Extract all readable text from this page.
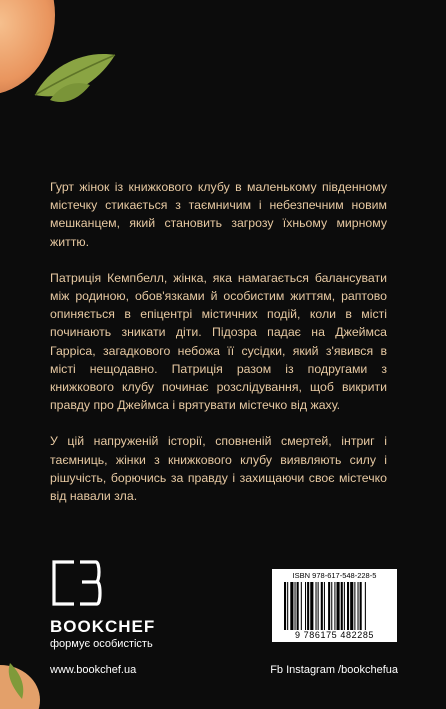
Гурт жінок із книжкового клубу в маленькому південному містечку стикається з таємничим і небезпечним новим мешканцем, який становить загрозу їхньому мирному життю.

Патриція Кемпбелл, жінка, яка намагається балансувати між родиною, обов'язками й особистим життям, раптово опиняється в епіцентрі містичних подій, коли в місті починають зникати діти. Підозра падає на Джеймса Гарріса, загадкового небожа її сусідки, який з'явився в місті нещодавно. Патриція разом із подругами з книжкового клубу починає розслідування, щоб викрити правду про Джеймса і врятувати містечко від жаху.

У цій напруженій історії, сповненій смертей, інтриг і таємниць, жінки з книжкового клубу виявляють силу і рішучість, борючись за правду і захищаючи своє містечко від навали зла.

BOOKCHEF
формує особистість
ISBN 978-617-548-228-5
9 786175 482285
www.bookchef.ua	Fb Instagram /bookchefua
